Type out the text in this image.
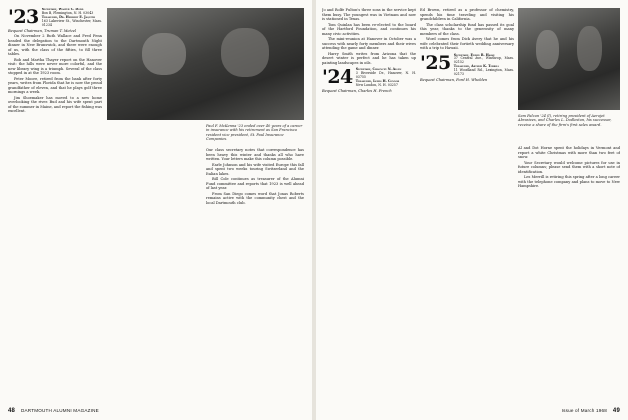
'23 Secretary, Walter C. Dodd
Box B, Flemington, N. H. 03043
Treasurer, Dr. Herbert E. Jaquith
163 Lakeview St., Winchester, Mass. 01234

Bequest Chairman, Truman T. Metzel

On November 2 Ruth Wallace and Fred Fenn headed the delegation to the Dartmouth Night dinner in New Brunswick, and there were enough of us, with the class of the fifties, to fill three tables.

Bob and Martha Thayer report on the Hanover visit: the hills were never more colorful, and the new library wing is a triumph. Several of the class stopped in at the 1923 room.

Peter Moore, retired from the bank after forty years, writes from Florida that he is now the proud grandfather of eleven, and that he plays golf three mornings a week.

Jim Shoemaker has moved to a new home overlooking the river. Bud and his wife spent part of the summer in Maine, and report the fishing was excellent.

Our class secretary notes that correspondence has been heavy this winter and thanks all who have written. Your letters make this column possible.

Earle Johnson and his wife visited Europe this fall and spent two weeks touring Switzerland and the Italian lakes.

Bill Cole continues as treasurer of the Alumni Fund committee and reports that 1923 is well ahead of last year.

From San Diego comes word that Jonas Roberts remains active with the community chest and the local Dartmouth club.

Paul F. McKenna '23 ended over 40 years of a career in insurance with his retirement as San Francisco resident vice president, St. Paul Insurance Companies.
48 DARTMOUTH ALUMNI MAGAZINE

Jo and Rolfe Fulton's three sons in the service kept them busy. The youngest was in Vietnam and now is stationed in Texas.

Tom Quinlan has been re-elected to the board of the Hartford Foundation, and continues his many civic activities.

The mini-reunion at Hanover in October was a success with nearly forty members and their wives attending the game and dinner.

Harry Smith writes from Arizona that the desert winter is perfect and he has taken up painting landscapes in oils.

'24 Secretary, Chauncey N. Allen
3 Riverside Dr., Hanover, N. H. 03755
Treasurer, Lewis H. Connor
New London, N. H. 03257

Bequest Chairman, Charles H. French

Ed Brown, retired as a professor of chemistry, spends his time traveling and visiting his grandchildren in California.

The class scholarship fund has passed its goal this year, thanks to the generosity of many members of the class.

Word comes from Dick Avery that he and his wife celebrated their fortieth wedding anniversary with a trip to Hawaii.

'25 Secretary, Edwin R. Hasse
37 Central Ave., Winthrop, Mass. 02152
Treasurer, Arthur K. Terrill
11 Woodland Rd., Lexington, Mass. 02173

Bequest Chairman, Ford H. Whelden

Sam Falcon '24 (l), retiring president of Aerojet Abrasives, and Charles L. Dodleston, his successor, receive a share of the firm's first sales award.

Al and Dot Horne spent the holidays in Vermont and report a white Christmas with more than two feet of snow.

Your Secretary would welcome pictures for use in future columns; please send them with a short note of identification.

Les Merrill is retiring this spring after a long career with the telephone company and plans to move to New Hampshire.

Issue of March 1968 49
